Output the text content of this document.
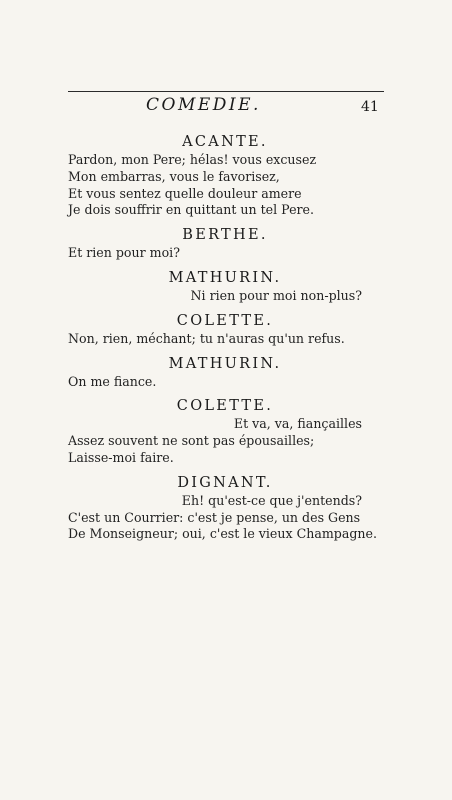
COMEDIE.	41

ACANTE.

Pardon, mon Pere; hélas! vous excusez

Mon embarras, vous le favorisez,

Et vous sentez quelle douleur amere

Je dois souffrir en quittant un tel Pere.

BERTHE.

Et rien pour moi?

MATHURIN.

Ni rien pour moi non-plus?

COLETTE.

Non, rien, méchant; tu n'auras qu'un refus.

MATHURIN.

On me fiance.

COLETTE.

Et va, va, fiançailles

Assez souvent ne sont pas épousailles;

Laisse-moi faire.

DIGNANT.

Eh! qu'est-ce que j'entends?

C'est un Courrier: c'est je pense, un des Gens

De Monseigneur; oui, c'est le vieux Champagne.
